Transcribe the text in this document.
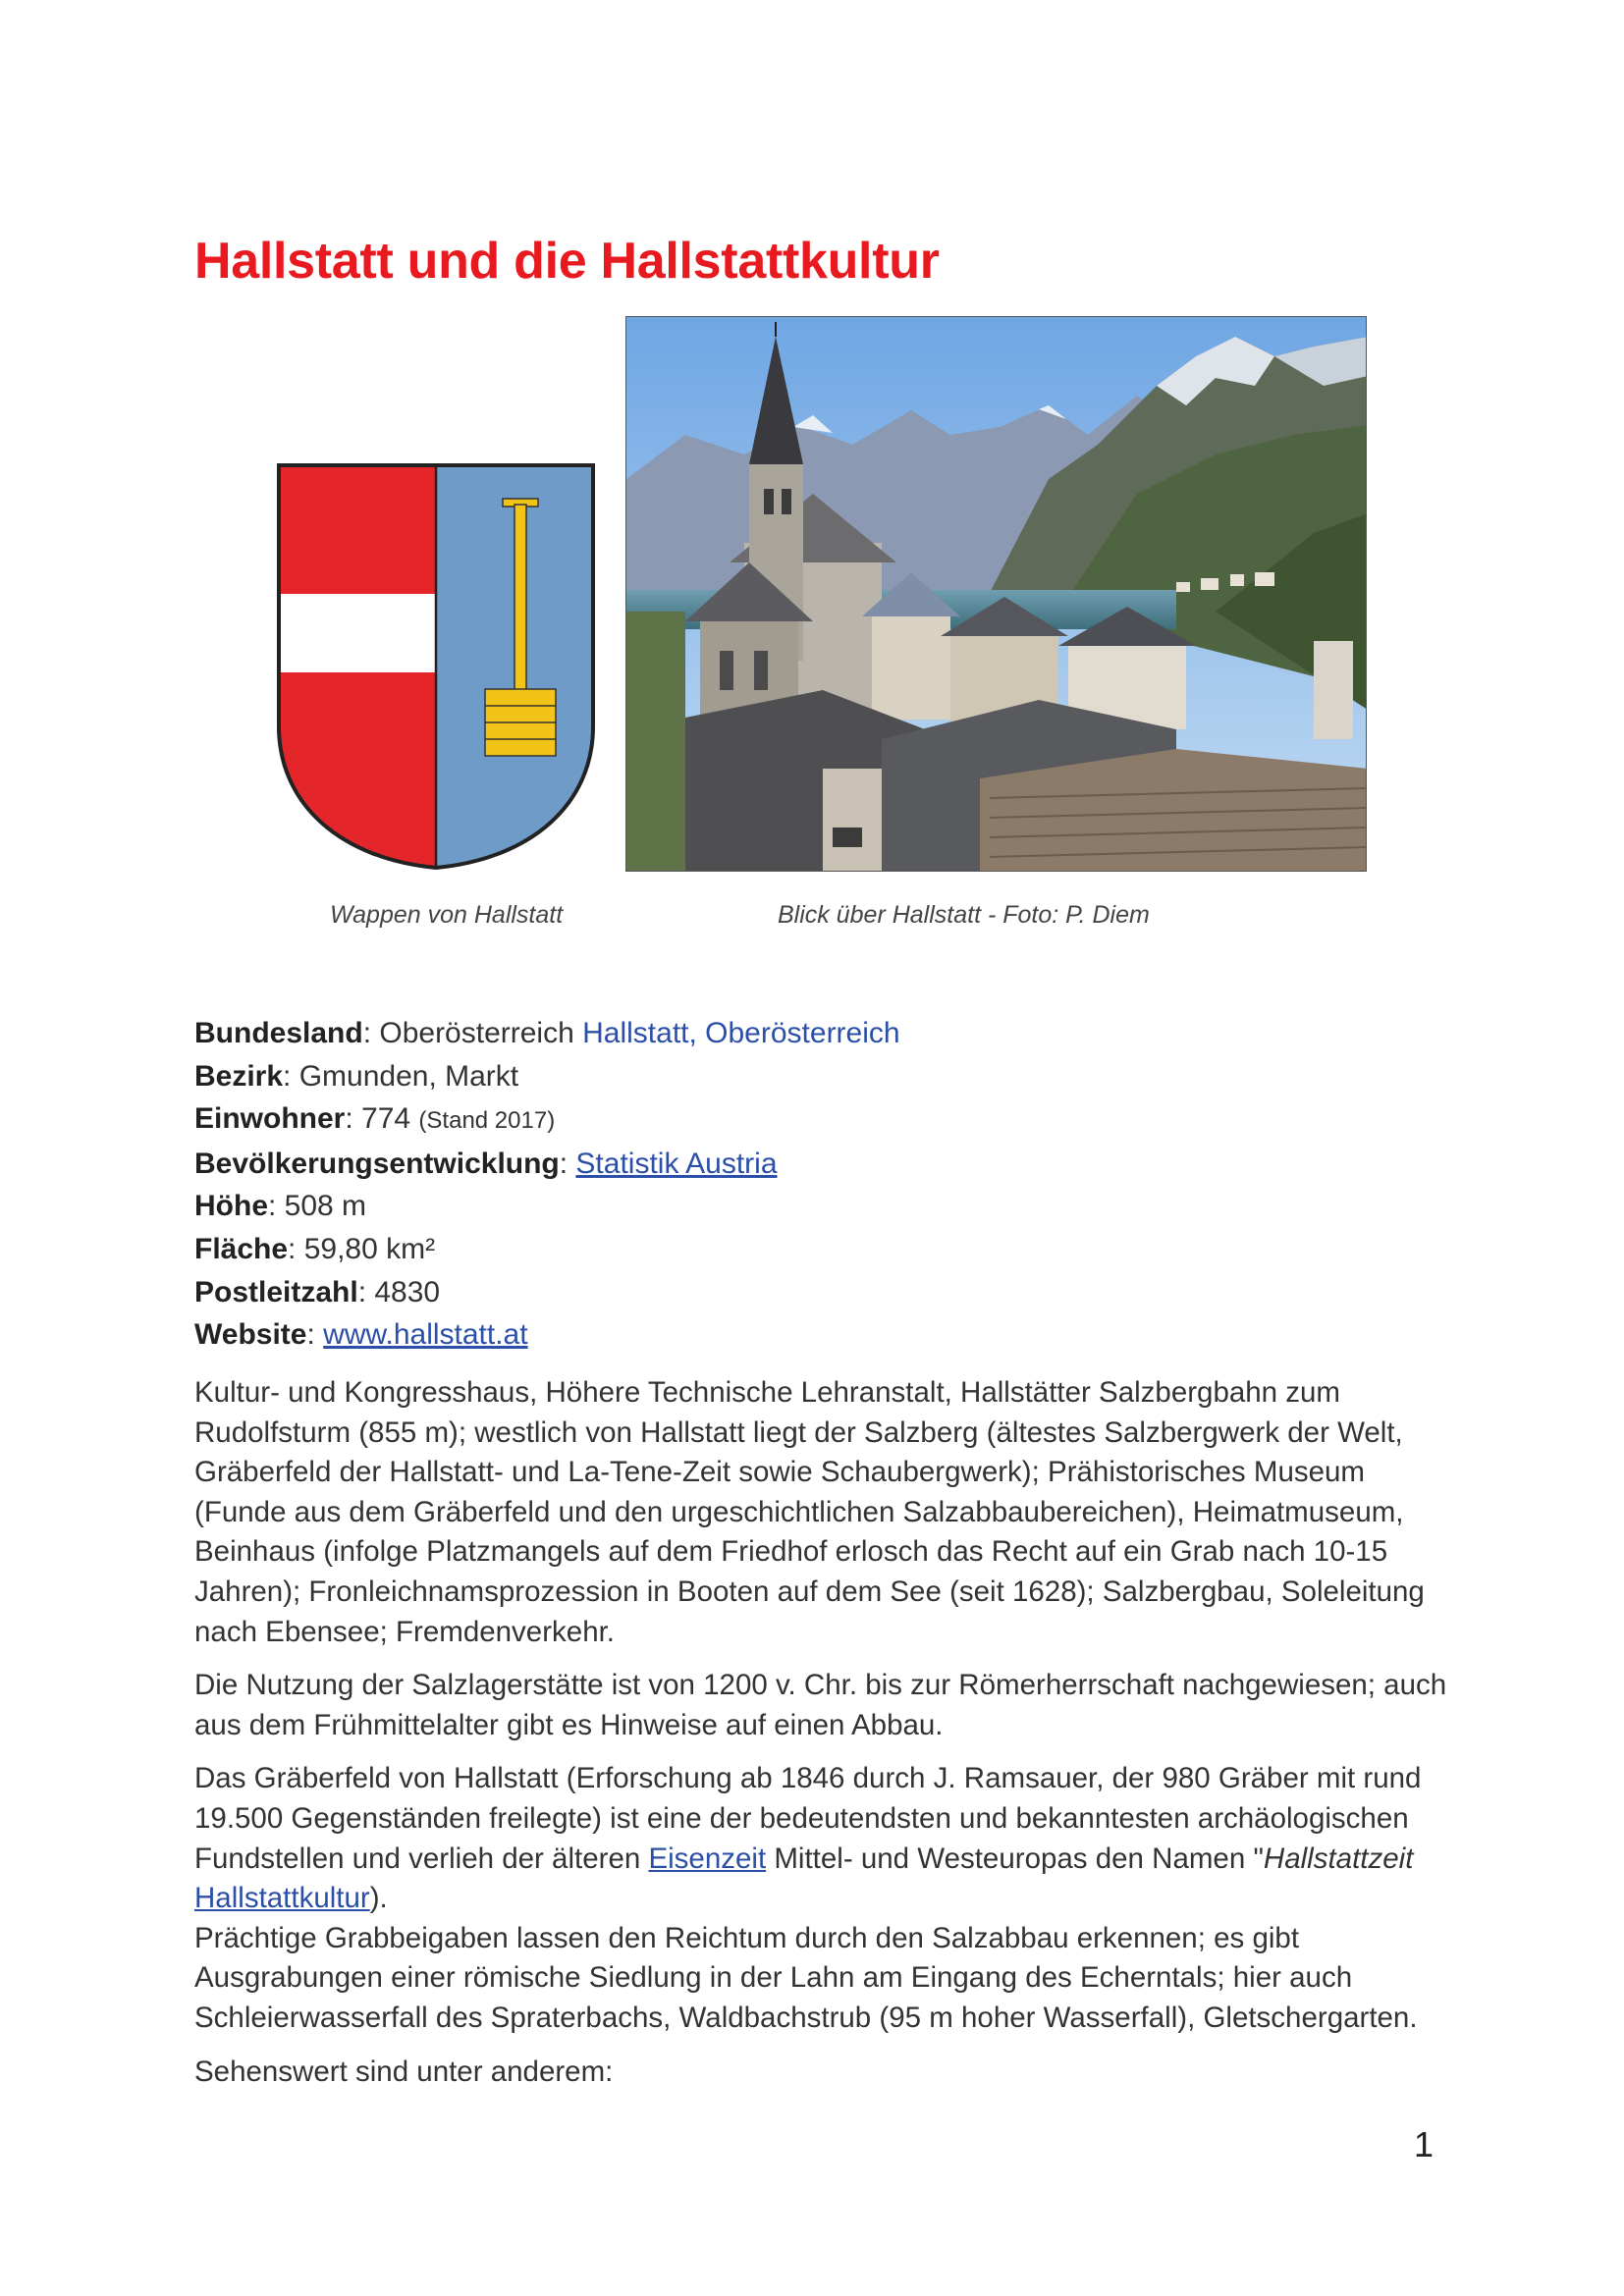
Hallstatt und die Hallstattkultur
Wappen von Hallstatt	Blick über Hallstatt - Foto: P. Diem
Bundesland: Oberösterreich Hallstatt, Oberösterreich
Bezirk: Gmunden, Markt
Einwohner: 774 (Stand 2017)
Bevölkerungsentwicklung: Statistik Austria
Höhe: 508 m
Fläche: 59,80 km²
Postleitzahl: 4830
Website: www.hallstatt.at

Kultur- und Kongresshaus, Höhere Technische Lehranstalt, Hallstätter Salzbergbahn zum Rudolfsturm (855 m); westlich von Hallstatt liegt der Salzberg (ältestes Salzbergwerk der Welt, Gräberfeld der Hallstatt- und La-Tene-Zeit sowie Schaubergwerk); Prähistorisches Museum (Funde aus dem Gräberfeld und den urgeschichtlichen Salzabbaubereichen), Heimatmuseum, Beinhaus (infolge Platzmangels auf dem Friedhof erlosch das Recht auf ein Grab nach 10-15 Jahren); Fronleichnamsprozession in Booten auf dem See (seit 1628); Salzbergbau, Soleleitung nach Ebensee; Fremdenverkehr.

Die Nutzung der Salzlagerstätte ist von 1200 v. Chr. bis zur Römerherrschaft nachgewiesen; auch aus dem Frühmittelalter gibt es Hinweise auf einen Abbau.

Das Gräberfeld von Hallstatt (Erforschung ab 1846 durch J. Ramsauer, der 980 Gräber mit rund 19.500 Gegenständen freilegte) ist eine der bedeutendsten und bekanntesten archäologischen Fundstellen und verlieh der älteren Eisenzeit Mittel- und Westeuropas den Namen "Hallstattzeit Hallstattkultur).

Prächtige Grabbeigaben lassen den Reichtum durch den Salzabbau erkennen; es gibt Ausgrabungen einer römische Siedlung in der Lahn am Eingang des Echerntals; hier auch Schleierwasserfall des Spraterbachs, Waldbachstrub (95 m hoher Wasserfall), Gletschergarten.

Sehenswert sind unter anderem:

1
